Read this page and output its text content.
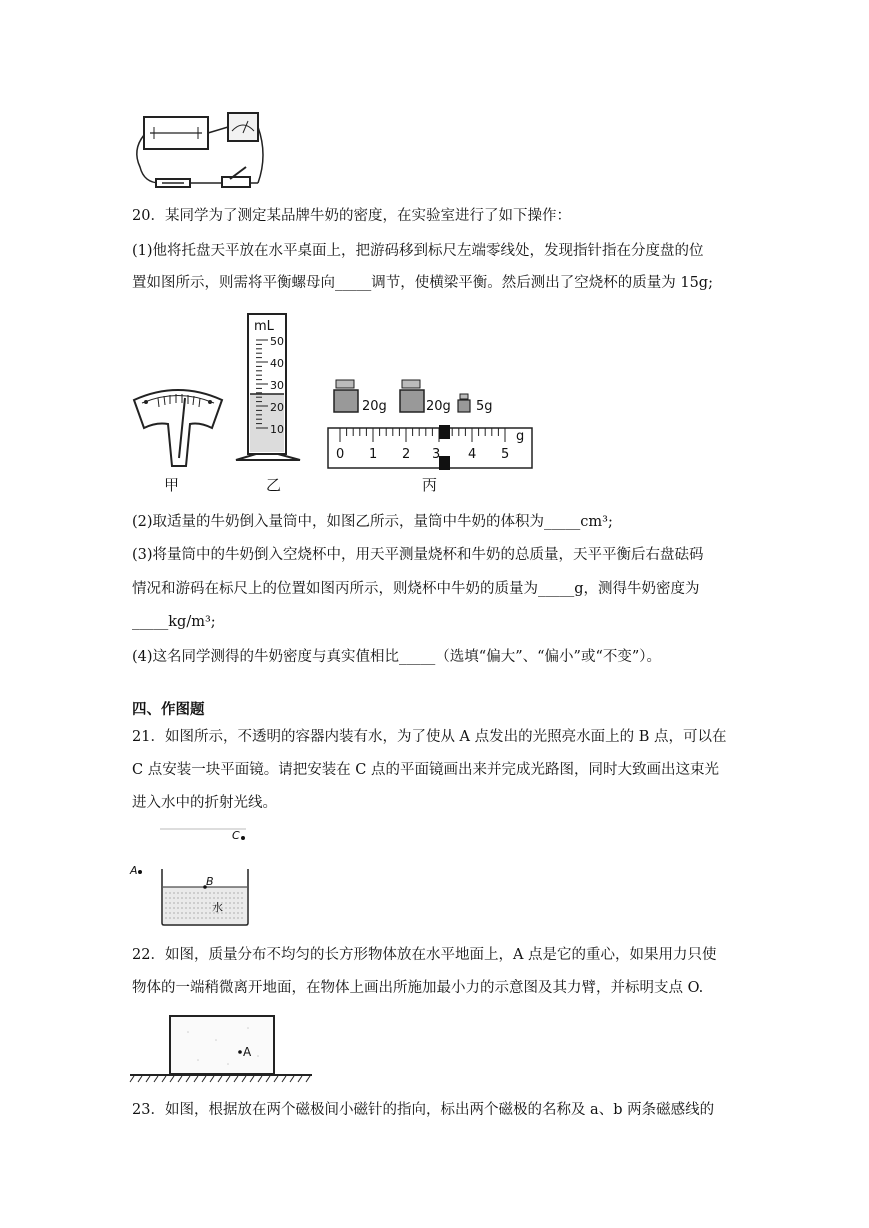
20．某同学为了测定某品牌牛奶的密度，在实验室进行了如下操作：
(1)他将托盘天平放在水平桌面上，把游码移到标尺左端零线处，发现指针指在分度盘的位
置如图所示，则需将平衡螺母向_____调节，使横梁平衡。然后测出了空烧杯的质量为 15g;
甲
mL
50
40
30
20
10
乙
20g	20g 5g
0 1 2 3 4 5
g
丙
(2)取适量的牛奶倒入量筒中，如图乙所示，量筒中牛奶的体积为_____cm³;
(3)将量筒中的牛奶倒入空烧杯中，用天平测量烧杯和牛奶的总质量，天平平衡后右盘砝码
情况和游码在标尺上的位置如图丙所示，则烧杯中牛奶的质量为_____g，测得牛奶密度为
_____kg/m³;
(4)这名同学测得的牛奶密度与真实值相比_____（选填“偏大”、“偏小”或“不变”）。
四、作图题
21．如图所示，不透明的容器内装有水，为了使从 A 点发出的光照亮水面上的 B 点，可以在
C 点安装一块平面镜。请把安装在 C 点的平面镜画出来并完成光路图，同时大致画出这束光
进入水中的折射光线。
C
A
B
水
22．如图，质量分布不均匀的长方形物体放在水平地面上，A 点是它的重心，如果用力只使
物体的一端稍微离开地面，在物体上画出所施加最小力的示意图及其力臂，并标明支点 O.
A
23．如图，根据放在两个磁极间小磁针的指向，标出两个磁极的名称及 a、b 两条磁感线的
